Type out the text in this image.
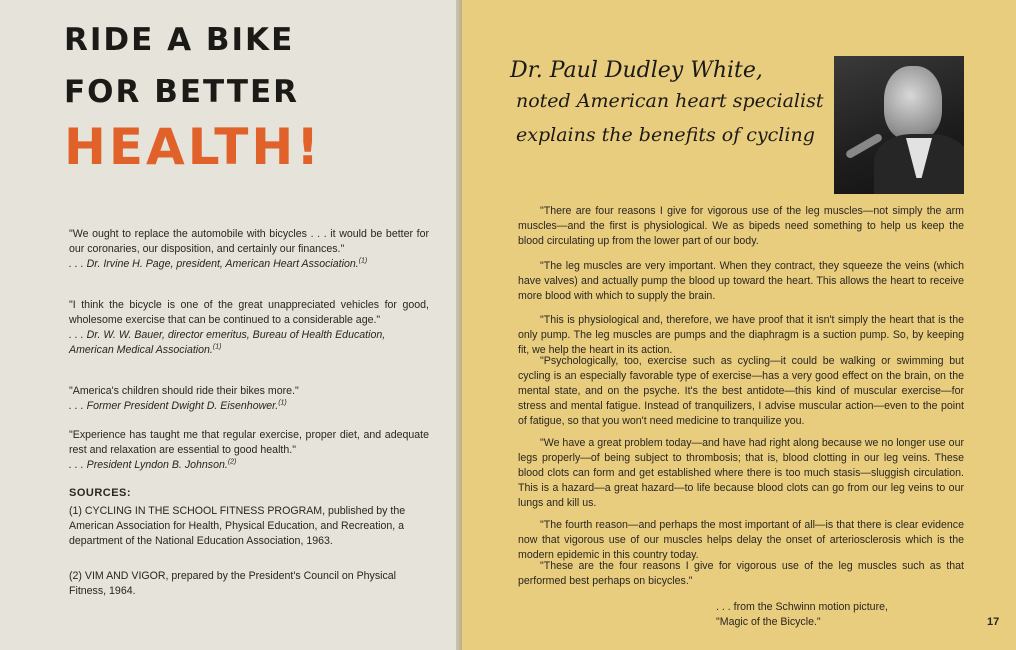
RIDE A BIKE
FOR BETTER
HEALTH!

"We ought to replace the automobile with bicycles . . . it would be better for our coronaries, our disposition, and certainly our finances."
. . . Dr. Irvine H. Page, president, American Heart Association.$^{(1)}$

"I think the bicycle is one of the great unappreciated vehicles for good, wholesome exercise that can be continued to a considerable age."
. . . Dr. W. W. Bauer, director emeritus, Bureau of Health Education, American Medical Association.$^{(1)}$

"America's children should ride their bikes more."
. . . Former President Dwight D. Eisenhower.$^{(1)}$

"Experience has taught me that regular exercise, proper diet, and adequate rest and relaxation are essential to good health."
. . . President Lyndon B. Johnson.$^{(2)}$

SOURCES:

(1) CYCLING IN THE SCHOOL FITNESS PROGRAM, published by the American Association for Health, Physical Education, and Recreation, a department of the National Education Association, 1963.

(2) VIM AND VIGOR, prepared by the President's Council on Physical Fitness, 1964.

Dr. Paul Dudley White,

noted American heart specialist

explains the benefits of cycling

"There are four reasons I give for vigorous use of the leg muscles—not simply the arm muscles—and the first is physiological. We as bipeds need something to help us keep the blood circulating up from the lower part of our body.

"The leg muscles are very important. When they contract, they squeeze the veins (which have valves) and actually pump the blood up toward the heart. This allows the heart to receive more blood with which to supply the brain.

"This is physiological and, therefore, we have proof that it isn't simply the heart that is the only pump. The leg muscles are pumps and the diaphragm is a suction pump. So, by keeping fit, we help the heart in its action.

"Psychologically, too, exercise such as cycling—it could be walking or swimming but cycling is an especially favorable type of exercise—has a very good effect on the brain, on the mental state, and on the psyche. It's the best antidote—this kind of muscular exercise—for stress and mental fatigue. Instead of tranquilizers, I advise muscular action—even to the point of fatigue, so that you won't need medicine to tranquilize you.

"We have a great problem today—and have had right along because we no longer use our legs properly—of being subject to thrombosis; that is, blood clotting in our leg veins. These blood clots can form and get established where there is too much stasis—sluggish circulation. This is a hazard—a great hazard—to life because blood clots can go from our leg veins to our lungs and kill us.

"The fourth reason—and perhaps the most important of all—is that there is clear evidence now that vigorous use of our muscles helps delay the onset of arteriosclerosis which is the modern epidemic in this country today.

"These are the four reasons I give for vigorous use of the leg muscles such as that performed best perhaps on bicycles."

. . . from the Schwinn motion picture,

"Magic of the Bicycle."	17
